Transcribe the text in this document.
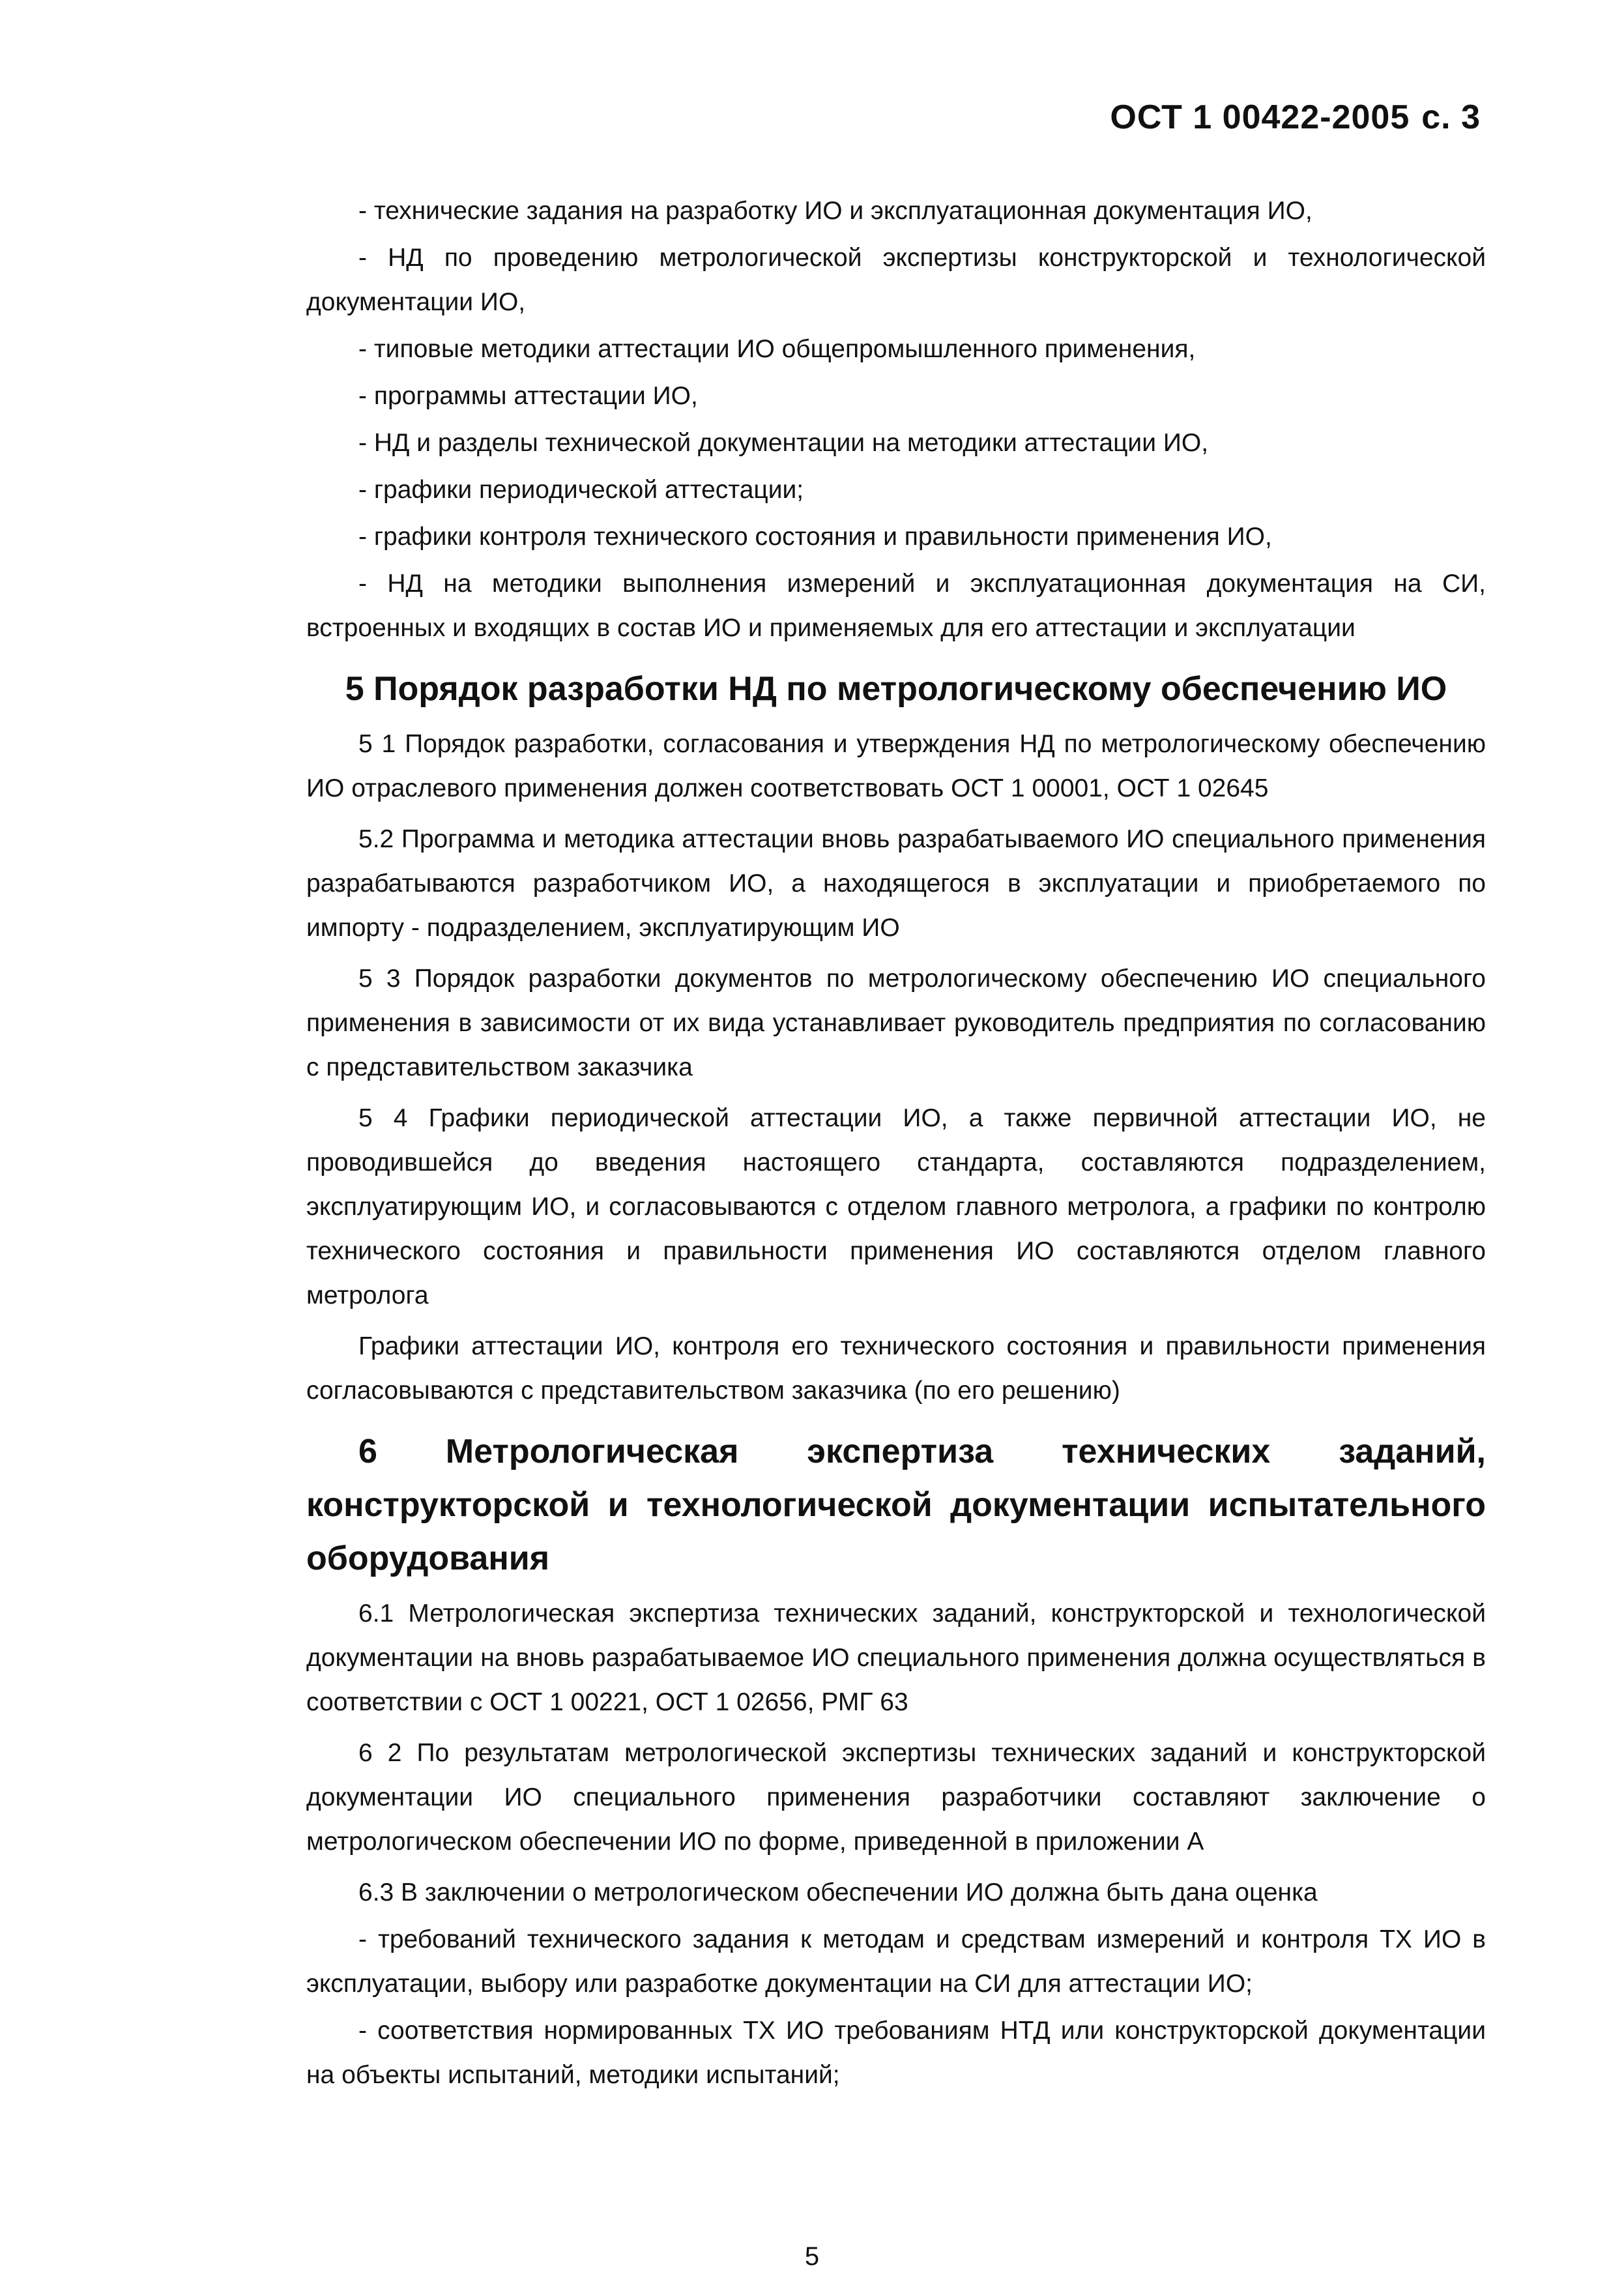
ОСТ 1 00422-2005 с. 3

- технические задания на разработку ИО и эксплуатационная документация ИО,

- НД по проведению метрологической экспертизы конструкторской и технологической документации ИО,

- типовые методики аттестации ИО общепромышленного применения,

- программы аттестации ИО,

- НД и разделы технической документации на методики аттестации ИО,

- графики периодической аттестации;

- графики контроля технического состояния и правильности применения ИО,

- НД на методики выполнения измерений и эксплуатационная документация на СИ, встроенных и входящих в состав ИО и применяемых для его аттестации и эксплуатации

5 Порядок разработки НД по метрологическому обеспечению ИО

5 1 Порядок разработки, согласования и утверждения НД по метрологическому обеспечению ИО отраслевого применения должен соответствовать ОСТ 1 00001, ОСТ 1 02645

5.2 Программа и методика аттестации вновь разрабатываемого ИО специального применения разрабатываются разработчиком ИО, а находящегося в эксплуатации и приобретаемого по импорту - подразделением, эксплуатирующим ИО

5 3 Порядок разработки документов по метрологическому обеспечению ИО специального применения в зависимости от их вида устанавливает руководитель предприятия по согласованию с представительством заказчика

5 4 Графики периодической аттестации ИО, а также первичной аттестации ИО, не проводившейся до введения настоящего стандарта, составляются подразделением, эксплуатирующим ИО, и согласовываются с отделом главного метролога, а графики по контролю технического состояния и правильности применения ИО составляются отделом главного метролога

Графики аттестации ИО, контроля его технического состояния и правильности применения согласовываются с представительством заказчика (по его решению)

6 Метрологическая экспертиза технических заданий, конструкторской и технологической документации испытательного оборудования

6.1 Метрологическая экспертиза технических заданий, конструкторской и технологической документации на вновь разрабатываемое ИО специального применения должна осуществляться в соответствии с ОСТ 1 00221, ОСТ 1 02656, РМГ 63

6 2 По результатам метрологической экспертизы технических заданий и конструкторской документации ИО специального применения разработчики составляют заключение о метрологическом обеспечении ИО по форме, приведенной в приложении А

6.3 В заключении о метрологическом обеспечении ИО должна быть дана оценка

- требований технического задания к методам и средствам измерений и контроля ТХ ИО в эксплуатации, выбору или разработке документации на СИ для аттестации ИО;

- соответствия нормированных ТХ ИО требованиям НТД или конструкторской документации на объекты испытаний, методики испытаний;

5
